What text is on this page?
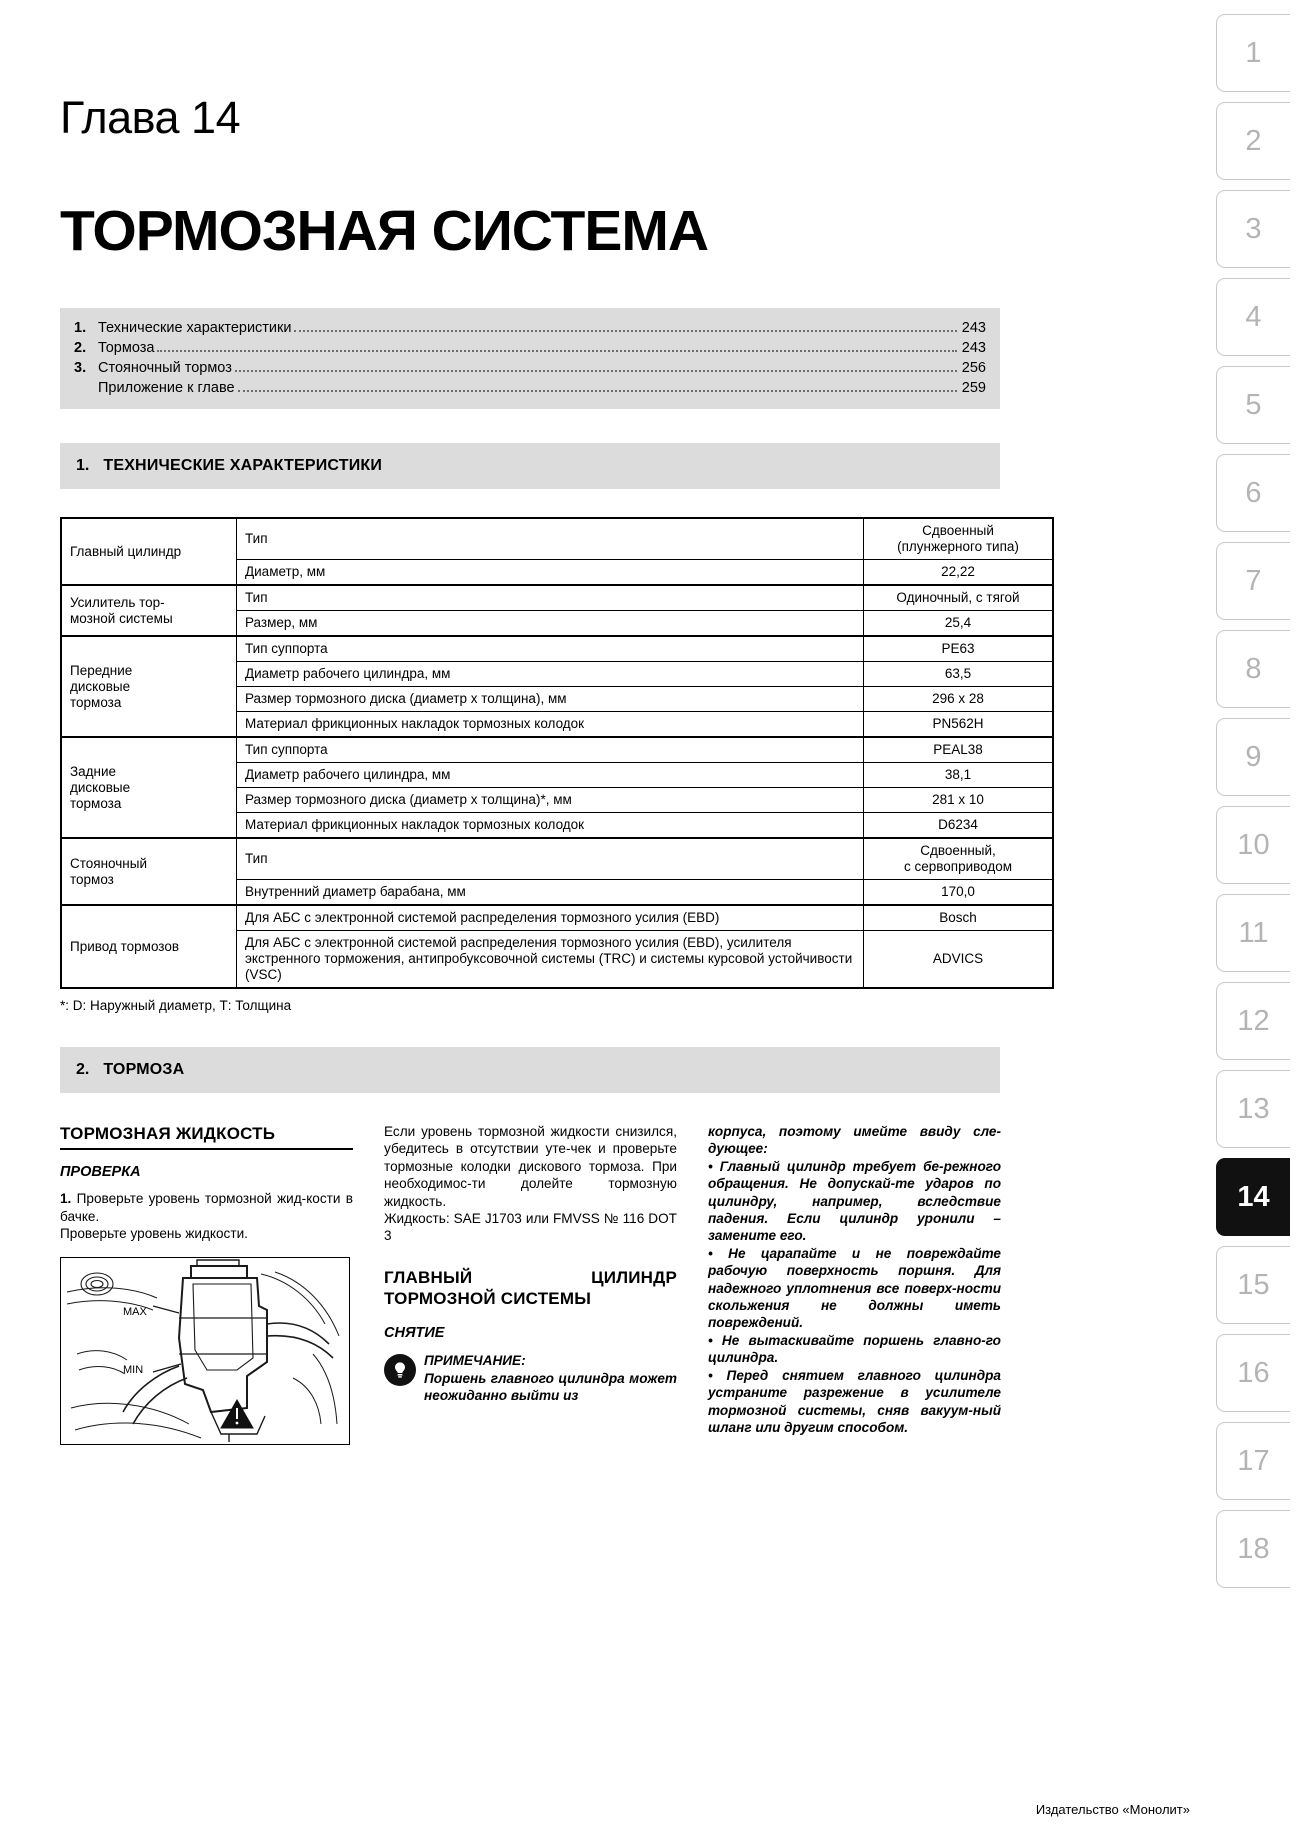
Глава 14
ТОРМОЗНАЯ СИСТЕМА
1. Технические характеристики	243
2. Тормоза	243
3. Стояночный тормоз	256
Приложение к главе	259
1. ТЕХНИЧЕСКИЕ ХАРАКТЕРИСТИКИ
Главный цилиндр	Тип	Сдвоенный
(плунжерного типа)
	Диаметр, мм	22,22
Усилитель тор-
мозной системы	Тип	Одиночный, с тягой
	Размер, мм	25,4
Передние
дисковые
тормоза	Тип суппорта	PE63
	Диаметр рабочего цилиндра, мм	63,5
	Размер тормозного диска (диаметр х толщина), мм	296 х 28
	Материал фрикционных накладок тормозных колодок	PN562H
Задние
дисковые
тормоза	Тип суппорта	PEAL38
	Диаметр рабочего цилиндра, мм	38,1
	Размер тормозного диска (диаметр х толщина)*, мм	281 х 10
	Материал фрикционных накладок тормозных колодок	D6234
Стояночный
тормоз	Тип	Сдвоенный,
с сервоприводом
	Внутренний диаметр барабана, мм	170,0
Привод тормозов	Для АБС с электронной системой распределения тормозного усилия (EBD)	Bosch
	Для АБС с электронной системой распределения тормозного усилия (EBD), усилителя экстренного торможения, антипробуксовочной системы (TRC) и системы курсовой устойчивости (VSC)	ADVICS
*: D: Наружный диаметр, Т: Толщина
2. ТОРМОЗА
ТОРМОЗНАЯ ЖИДКОСТЬ
ПРОВЕРКА

1. Проверьте уровень тормозной жид-кости в бачке.

Проверьте уровень жидкости.

MAX
MIN

Если уровень тормозной жидкости снизился, убедитесь в отсутствии уте-чек и проверьте тормозные колодки дискового тормоза. При необходимос-ти долейте тормозную жидкость.

Жидкость: SAE J1703 или FMVSS № 116 DOT 3

ГЛАВНЫЙ ЦИЛИНДР ТОРМОЗНОЙ СИСТЕМЫ
СНЯТИЕ
ПРИМЕЧАНИЕ:
Поршень главного цилиндра может неожиданно выйти из

корпуса, поэтому имейте ввиду сле-дующее:

• Главный цилиндр требует бе-режного обращения. Не допускай-те ударов по цилиндру, например, вследствие падения. Если цилиндр уронили – замените его.

• Не царапайте и не повреждайте рабочую поверхность поршня. Для надежного уплотнения все поверх-ности скольжения не должны иметь повреждений.

• Не вытаскивайте поршень главно-го цилиндра.

• Перед снятием главного цилиндра устраните разрежение в усилителе тормозной системы, сняв вакуум-ный шланг или другим способом.

1
2
3
4
5
6
7
8
9
10
11
12
13
14
15
16
17
18
Издательство «Монолит»
